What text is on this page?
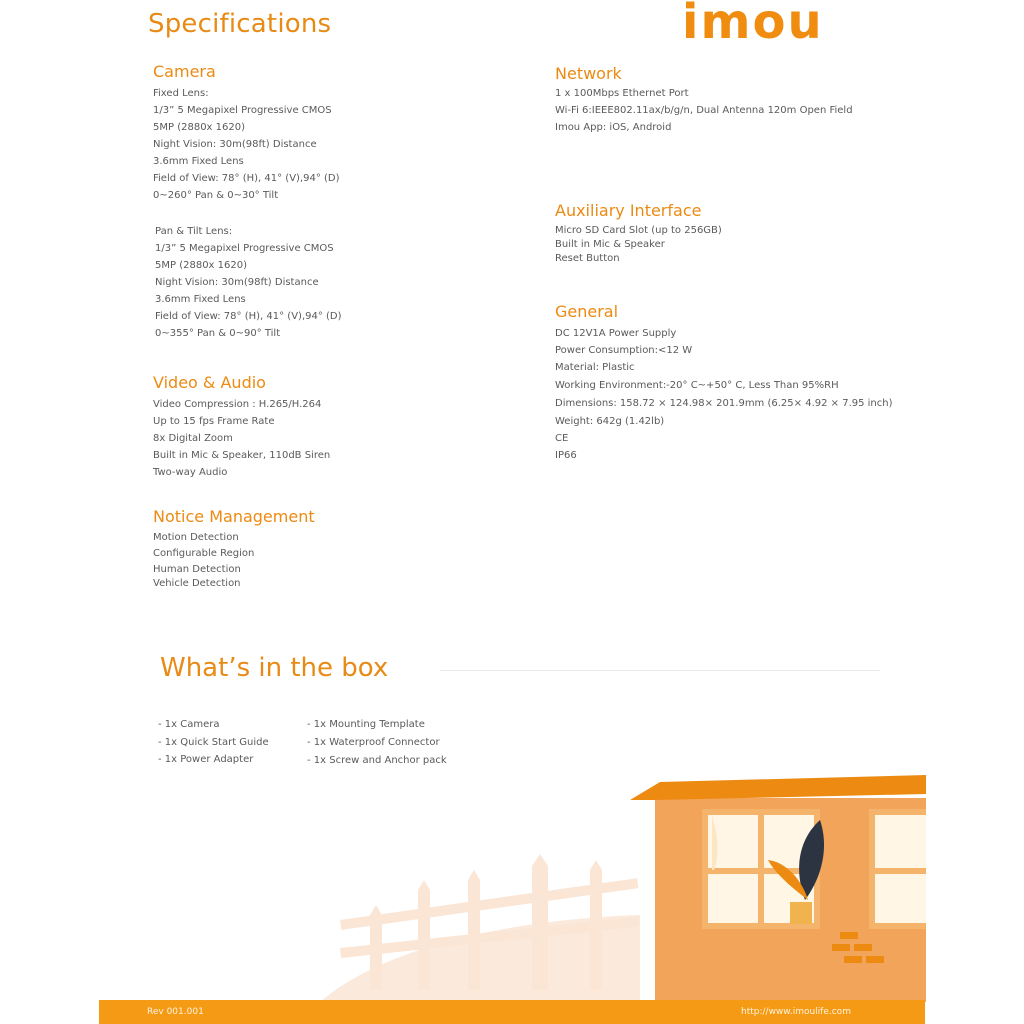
Specifications	imou
Camera
Fixed Lens:
1/3” 5 Megapixel Progressive CMOS
5MP (2880x 1620)
Night Vision: 30m(98ft) Distance
3.6mm Fixed Lens
Field of View: 78° (H), 41° (V),94° (D)
0~260° Pan & 0~30° Tilt
Pan & Tilt Lens:
1/3” 5 Megapixel Progressive CMOS
5MP (2880x 1620)
Night Vision: 30m(98ft) Distance
3.6mm Fixed Lens
Field of View: 78° (H), 41° (V),94° (D)
0~355° Pan & 0~90° Tilt
Video & Audio
Video Compression : H.265/H.264
Up to 15 fps Frame Rate
8x Digital Zoom
Built in Mic & Speaker, 110dB Siren
Two-way Audio
Notice Management
Motion Detection
Configurable Region
Human Detection
Vehicle Detection
Network
1 x 100Mbps Ethernet Port
Wi-Fi 6:IEEE802.11ax/b/g/n, Dual Antenna 120m Open Field
Imou App: iOS, Android
Auxiliary Interface
Micro SD Card Slot (up to 256GB)
Built in Mic & Speaker
Reset Button
General
DC 12V1A Power Supply
Power Consumption:<12 W
Material: Plastic
Working Environment:-20° C~+50° C, Less Than 95%RH
Dimensions: 158.72 × 124.98× 201.9mm (6.25× 4.92 × 7.95 inch)
Weight: 642g (1.42lb)
CE
IP66
What’s in the box
- 1x Camera
- 1x Quick Start Guide
- 1x Power Adapter
- 1x Mounting Template
- 1x Waterproof Connector
- 1x Screw and Anchor pack
Rev 001.001	http://www.imoulife.com
